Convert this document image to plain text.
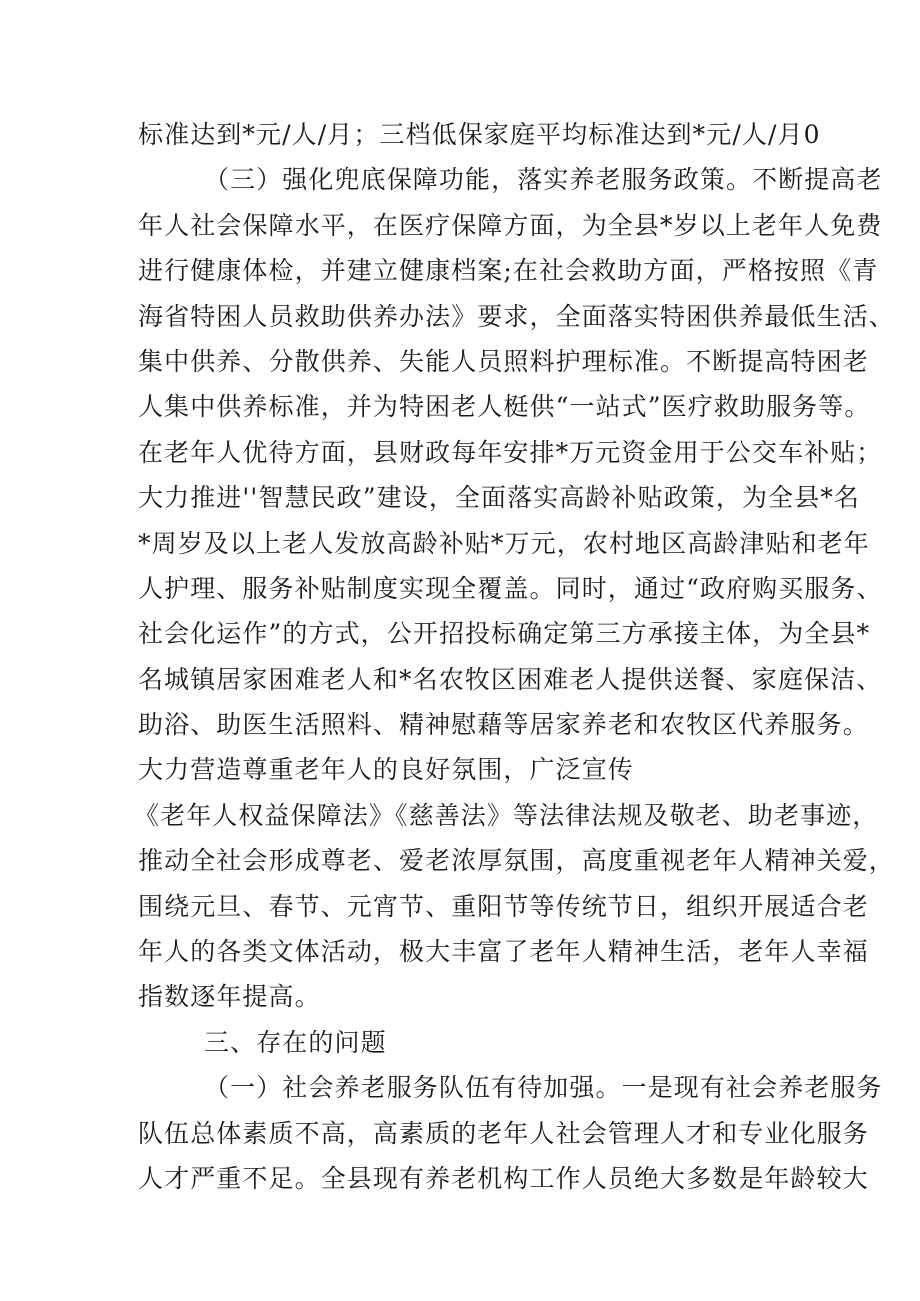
标准达到*元/人/月；三档低保家庭平均标准达到*元/人/月0
（三）强化兜底保障功能，落实养老服务政策。不断提高老
年人社会保障水平，在医疗保障方面，为全县*岁以上老年人免费
进行健康体检，并建立健康档案;在社会救助方面，严格按照《青
海省特困人员救助供养办法》要求，全面落实特困供养最低生活、
集中供养、分散供养、失能人员照料护理标准。不断提高特困老
人集中供养标准，并为特困老人梃供“一站式”医疗救助服务等。
在老年人优待方面，县财政每年安排*万元资金用于公交车补贴；
大力推进''智慧民政”建设，全面落实高龄补贴政策，为全县*名
*周岁及以上老人发放高龄补贴*万元，农村地区高龄津贴和老年
人护理、服务补贴制度实现全覆盖。同时，通过“政府购买服务、
社会化运作”的方式，公开招投标确定第三方承接主体，为全县*
名城镇居家困难老人和*名农牧区困难老人提供送餐、家庭保洁、
助浴、助医生活照料、精神慰藉等居家养老和农牧区代养服务。
大力营造尊重老年人的良好氛围，广泛宣传
《老年人权益保障法》《慈善法》等法律法规及敬老、助老事迹，
推动全社会形成尊老、爱老浓厚氛围，高度重视老年人精神关爱，
围绕元旦、春节、元宵节、重阳节等传统节日，组织开展适合老
年人的各类文体活动，极大丰富了老年人精神生活，老年人幸福
指数逐年提高。
三、存在的问题
（一）社会养老服务队伍有待加强。一是现有社会养老服务
队伍总体素质不高，高素质的老年人社会管理人才和专业化服务
人才严重不足。全县现有养老机构工作人员绝大多数是年龄较大
